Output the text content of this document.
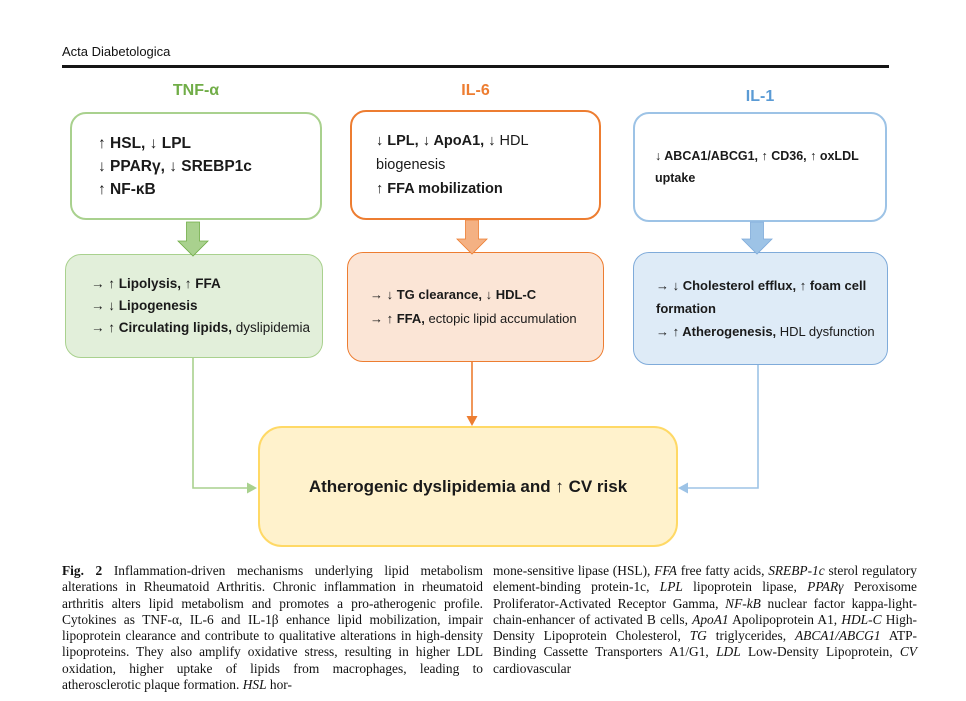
Acta Diabetologica
TNF-α	IL-6	IL-1
↑ HSL, ↓ LPL
↓ PPARγ, ↓ SREBP1c
↑ NF-κB
↓ LPL, ↓ ApoA1, ↓ HDL
biogenesis
↑ FFA mobilization
↓ ABCA1/ABCG1, ↑ CD36, ↑ oxLDL
uptake
→ ↑ Lipolysis, ↑ FFA
→ ↓ Lipogenesis
→ ↑ Circulating lipids, dyslipidemia
→ ↓ TG clearance, ↓ HDL-C
→ ↑ FFA, ectopic lipid accumulation
→ ↓ Cholesterol efflux, ↑ foam cell
formation
→ ↑ Atherogenesis, HDL dysfunction
Atherogenic dyslipidemia and ↑ CV risk
Fig. 2 Inflammation-driven mechanisms underlying lipid metabolism alterations in Rheumatoid Arthritis. Chronic inflammation in rheumatoid arthritis alters lipid metabolism and promotes a pro-atherogenic profile. Cytokines as TNF-α, IL-6 and IL-1β enhance lipid mobilization, impair lipoprotein clearance and contribute to qualitative alterations in high-density lipoproteins. They also amplify oxidative stress, resulting in higher LDL oxidation, higher uptake of lipids from macrophages, leading to atherosclerotic plaque formation. HSL hor-
mone-sensitive lipase (HSL), FFA free fatty acids, SREBP-1c sterol regulatory element-binding protein-1c, LPL lipoprotein lipase, PPARγ Peroxisome Proliferator-Activated Receptor Gamma, NF-kB nuclear factor kappa-light-chain-enhancer of activated B cells, ApoA1 Apolipoprotein A1, HDL-C High-Density Lipoprotein Cholesterol, TG triglycerides, ABCA1/ABCG1 ATP-Binding Cassette Transporters A1/G1, LDL Low-Density Lipoprotein, CV cardiovascular
